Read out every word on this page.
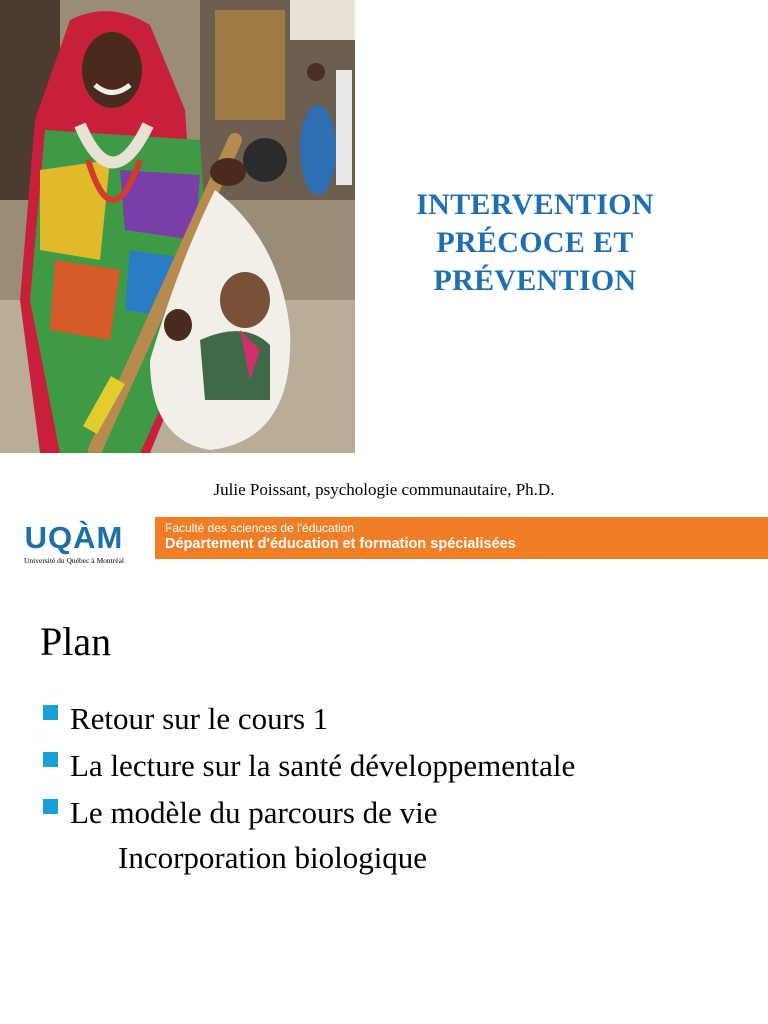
INTERVENTION
PRÉCOCE ET
PRÉVENTION
Julie Poissant, psychologie communautaire, Ph.D.
UQÀM
Université du Québec à Montréal
Faculté des sciences de l'éducation
Département d'éducation et formation spécialisées
Plan
Retour sur le cours 1
La lecture sur la santé développementale
Le modèle du parcours de vie
Incorporation biologique
